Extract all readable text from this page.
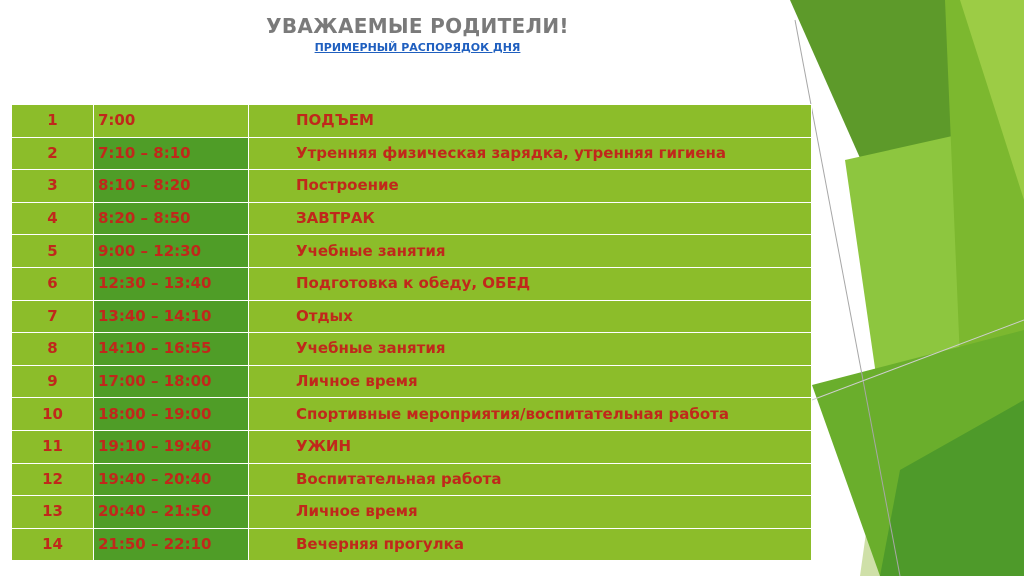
УВАЖАЕМЫЕ РОДИТЕЛИ!
ПРИМЕРНЫЙ РАСПОРЯДОК ДНЯ
1	7:00	ПОДЪЕМ
2	7:10 – 8:10	Утренняя физическая зарядка, утренняя гигиена
3	8:10 – 8:20	Построение
4	8:20 – 8:50	ЗАВТРАК
5	9:00 – 12:30	Учебные занятия
6	12:30 – 13:40	Подготовка к обеду, ОБЕД
7	13:40 – 14:10	Отдых
8	14:10 – 16:55	Учебные занятия
9	17:00 – 18:00	Личное время
10	18:00 – 19:00	Спортивные мероприятия/воспитательная работа
11	19:10 – 19:40	УЖИН
12	19:40 – 20:40	Воспитательная работа
13	20:40 – 21:50	Личное время
14	21:50 – 22:10	Вечерняя прогулка
